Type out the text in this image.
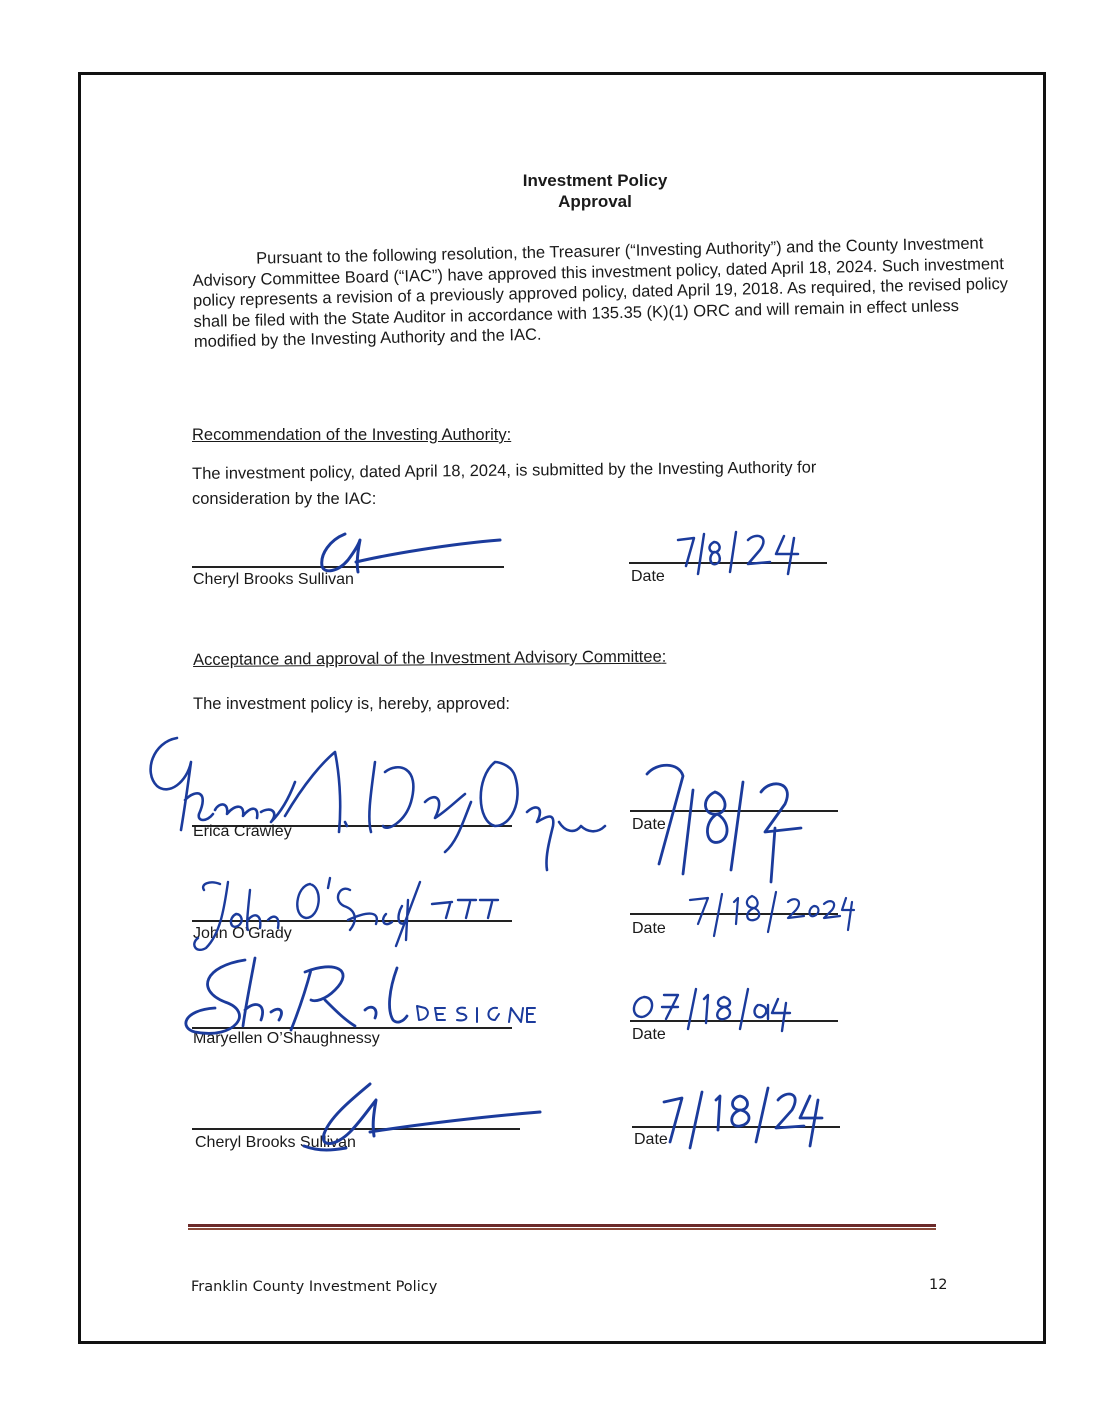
Investment Policy
Approval
Pursuant to the following resolution, the Treasurer (“Investing Authority”) and the County Investment Advisory Committee Board (“IAC”) have approved this investment policy, dated April 18, 2024. Such investment policy represents a revision of a previously approved policy, dated April 19, 2018. As required, the revised policy shall be filed with the State Auditor in accordance with 135.35 (K)(1) ORC and will remain in effect unless modified by the Investing Authority and the IAC.
Recommendation of the Investing Authority:
The investment policy, dated April 18, 2024, is submitted by the Investing Authority for
consideration by the IAC:
Cheryl Brooks Sullivan	Date
Acceptance and approval of the Investment Advisory Committee:
The investment policy is, hereby, approved:
Erica Crawley	Date
John O’Grady	Date
Maryellen O’Shaughnessy	Date
Cheryl Brooks Sullivan	Date
Franklin County Investment Policy	12
